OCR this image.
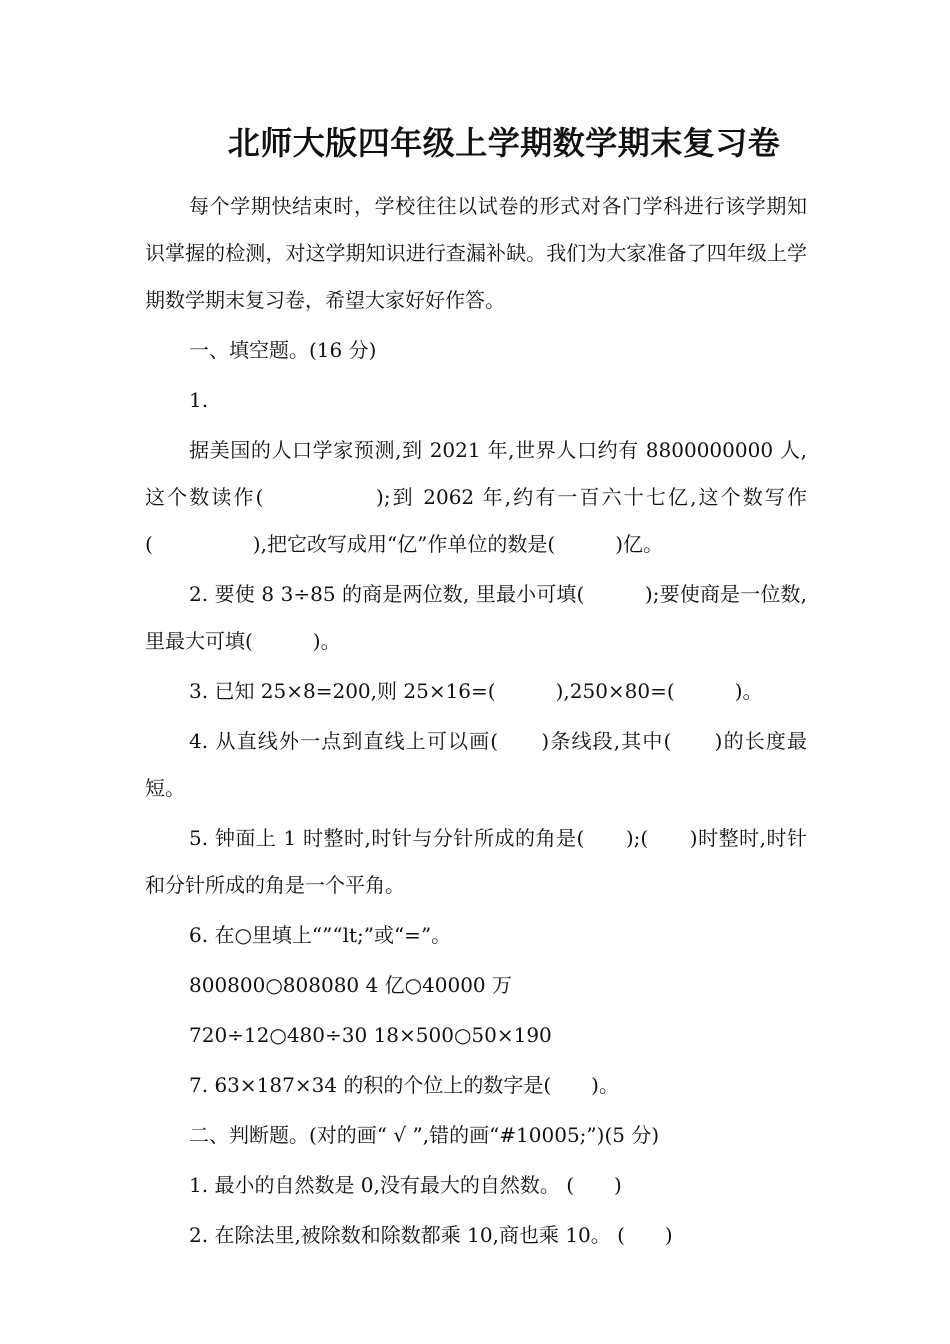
北师大版四年级上学期数学期末复习卷

每个学期快结束时，学校往往以试卷的形式对各门学科进行该学期知识掌握的检测，对这学期知识进行查漏补缺。我们为大家准备了四年级上学期数学期末复习卷，希望大家好好作答。

一、填空题。(16 分)

1.

据美国的人口学家预测,到 2021 年,世界人口约有 8800000000 人,这个数读作(　　　　　);到 2062 年,约有一百六十七亿,这个数写作(　　　　　),把它改写成用“亿”作单位的数是(　　　)亿。

2. 要使 8 3÷85 的商是两位数, 里最小可填(　　　);要使商是一位数, 里最大可填(　　　)。

3. 已知 25×8=200,则 25×16=(　　　),250×80=(　　　)。

4. 从直线外一点到直线上可以画(　　)条线段,其中(　　)的长度最短。

5. 钟面上 1 时整时,时针与分针所成的角是(　　);(　　)时整时,时针和分针所成的角是一个平角。

6. 在○里填上“”“lt;”或“=”。

800800○808080 4 亿○40000 万

720÷12○480÷30 18×500○50×190

7. 63×187×34 的积的个位上的数字是(　　)。

二、判断题。(对的画“ √ ”,错的画“#10005;”)(5 分)

1. 最小的自然数是 0,没有最大的自然数。 (　　)

2. 在除法里,被除数和除数都乘 10,商也乘 10。 (　　)
